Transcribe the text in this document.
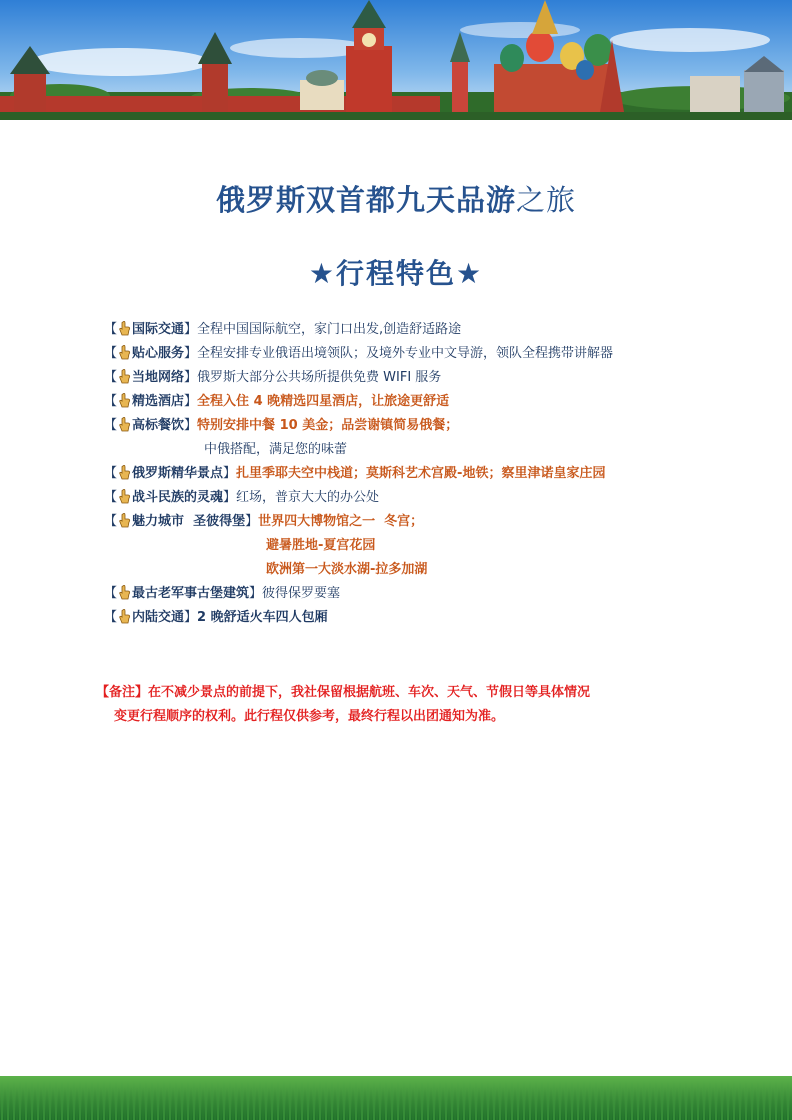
俄罗斯双首都九天品游之旅
★行程特色★
【 国际交通】全程中国国际航空，家门口出发,创造舒适路途
【 贴心服务】全程安排专业俄语出境领队；及境外专业中文导游，领队全程携带讲解器
【 当地网络】俄罗斯大部分公共场所提供免费 WIFI 服务
【 精选酒店】全程入住 4 晚精选四星酒店，让旅途更舒适
【 高标餐饮】特别安排中餐 10 美金；品尝谢镇简易俄餐；
中俄搭配，满足您的味蕾
【 俄罗斯精华景点】扎里季耶夫空中栈道；莫斯科艺术宫殿-地铁；察里津诺皇家庄园
【 战斗民族的灵魂】红场，普京大大的办公处
【 魅力城市  圣彼得堡】世界四大博物馆之一  冬宫；
避暑胜地-夏宫花园
欧洲第一大淡水湖-拉多加湖
【 最古老军事古堡建筑】彼得保罗要塞
【 内陆交通】2 晚舒适火车四人包厢
【备注】在不减少景点的前提下，我社保留根据航班、车次、天气、节假日等具体情况
变更行程顺序的权利。此行程仅供参考，最终行程以出团通知为准。
